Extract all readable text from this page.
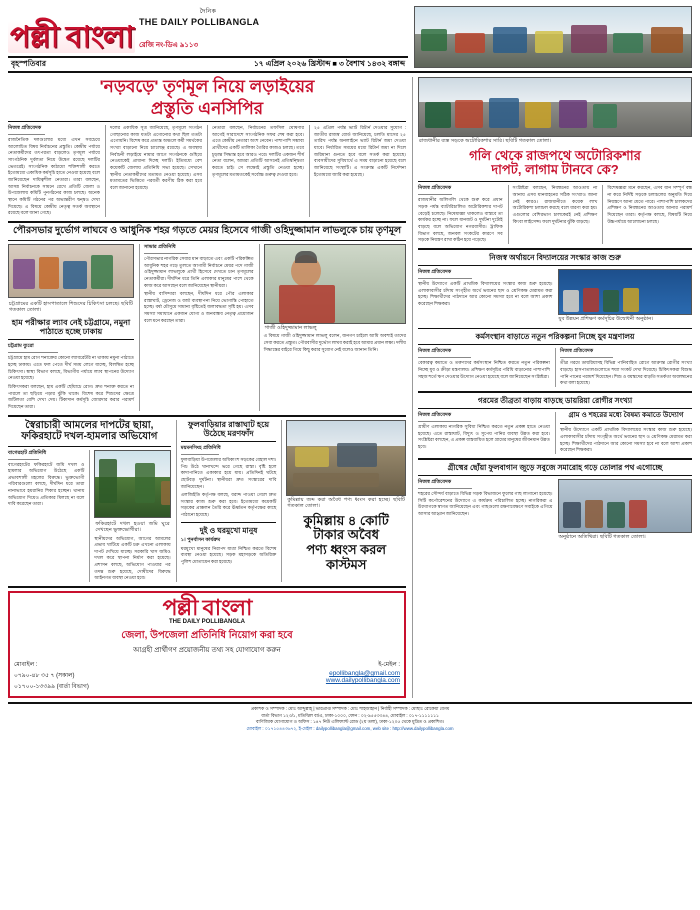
দৈনিক
পল্লী বাংলা THE DAILY POLLIBANGLA
রেজি নং-ডিএ ৯১১৩
বৃহস্পতিবার	১৭ এপ্রিল ২০২৬ খ্রিস্টাব্দ ■ ৩ বৈশাখ ১৪৩২ বঙ্গাব্দ
'নড়বড়ে' তৃণমূল নিয়ে লড়াইয়ের
প্রস্তুতি এনসিপির
নিজস্ব প্রতিবেদক
রাজনৈতিক দলগুলোর মধ্যে এখন সবচেয়ে আলোচিত বিষয় নির্বাচনের প্রস্তুতি। কেন্দ্রীয় পর্যায়ে নেতাকর্মীদের তৎপরতা বাড়লেও তৃণমূল পর্যায়ে সাংগঠনিক দুর্বলতা নিয়ে উদ্বেগ রয়েছে দলটির ভেতরেই। সাংগঠনিক কাঠামো শক্তিশালী করতে ইতোমধ্যে একাধিক কর্মসূচি হাতে নেওয়া হয়েছে বলে জানিয়েছেন দায়িত্বশীল নেতারা। তারা বলছেন, আসন্ন নির্বাচনকে সামনে রেখে প্রতিটি জেলা ও উপজেলায় কমিটি পুনর্গঠনের কাজ চলছে। অনেক স্থানে কমিটি গঠনের পর অভ্যন্তরীণ দ্বন্দ্বও দেখা দিয়েছে। এ বিষয়ে কেন্দ্রীয় নেতৃত্ব সতর্ক অবস্থানে রয়েছে বলে জানা গেছে।
দলের একাধিক সূত্র জানিয়েছে, তৃণমূলে সংগঠন গোছানোর কাজ যতটা এগোনোর কথা ছিল ততটা এগোয়নি। বিশেষ করে প্রত্যন্ত অঞ্চলে কর্মী সমর্থকের সংখ্যা বাড়ানো নিয়ে চ্যালেঞ্জ রয়েছে। এ অবস্থায় নির্বাচনী লড়াইয়ে নামার আগে সংগঠনকে গুছিয়ে নেওয়াকেই প্রাধান্য দিচ্ছে দলটি। ইতিমধ্যে বেশ কয়েকটি জেলায় প্রতিনিধি সভা হয়েছে। সেখানে স্থানীয় নেতাকর্মীদের মতামত নেওয়া হয়েছে। এসব মতামতের ভিত্তিতে পরবর্তী করণীয় ঠিক করা হবে বলে জানানো হয়েছে।
নেতারা বলছেন, নির্বাচনের তফসিল ঘোষণার আগেই সারাদেশে সাংগঠনিক সফর শেষ করা হবে। এতে কেন্দ্রীয় নেতারা অংশ নেবেন। পাশাপাশি সম্ভাব্য প্রার্থীদের একটি তালিকা তৈরির কাজও চলছে। তবে চূড়ান্ত সিদ্ধান্ত হবে আরও পরে। দলটির একজন শীর্ষ নেতা বলেন, আমরা প্রতিটি আসনেই প্রতিদ্বন্দ্বিতা করতে চাই। সে লক্ষ্যেই প্রস্তুতি নেওয়া হচ্ছে। তৃণমূলের মতামতকেই সর্বোচ্চ গুরুত্ব দেওয়া হবে।
২৫ এপ্রিল পর্যন্ত ভ্যাট রিটার্ন দেওয়ার সুযোগ : জাতীয় রাজস্ব বোর্ড জানিয়েছে, চলতি মাসের ২৫ তারিখ পর্যন্ত অনলাইনে ভ্যাট রিটার্ন জমা দেওয়া যাবে। নির্ধারিত সময়ের মধ্যে রিটার্ন জমা না দিলে জরিমানা গুনতে হবে বলে সতর্ক করা হয়েছে। ব্যবসায়ীদের সুবিধার্থে এ সময় বাড়ানো হয়েছে বলে জানিয়েছে সংস্থাটি। এ সংক্রান্ত একটি নির্দেশনা ইতোমধ্যে জারি করা হয়েছে।
পৌরসভার দুর্ভোগ লাঘবে ও আধুনিক শহর গড়তে মেয়র হিসেবে গাজী ওহিদুজ্জামান লাভলুকে চায় তৃণমূল
চট্টগ্রামের একটি হাসপাতালে শিশুদের চিকিৎসা চলছে। ছবিটি গতকাল তোলা।
হাম পরীক্ষার ল্যাব নেই চট্টগ্রামে, নমুনা পাঠাতে হচ্ছে ঢাকায়
চট্টগ্রাম ব্যুরো
চট্টগ্রামে হাম রোগ শনাক্তের কোনো ল্যাবরেটরি না থাকায় নমুনা পাঠাতে হচ্ছে ঢাকায়। এতে ফল পেতে দীর্ঘ সময় লেগে যাচ্ছে, বিলম্বিত হচ্ছে চিকিৎসা। স্বাস্থ্য বিভাগ বলছে, বিভাগীয় পর্যায়ে ল্যাব স্থাপনের উদ্যোগ নেওয়া হয়েছে।
চিকিৎসকরা বলছেন, হাম একটি ছোঁয়াচে রোগ। দ্রুত শনাক্ত করতে না পারলে তা ছড়িয়ে পড়ার ঝুঁকি থাকে। বিশেষ করে শিশুদের ক্ষেত্রে জটিলতা বেশি দেখা দেয়। টিকাদান কর্মসূচি জোরদার করার পরামর্শ দিয়েছেন তারা।
সাভার প্রতিনিধি
পৌরসভার নাগরিক সেবার মান বাড়াতে এবং একটি পরিকল্পিত আধুনিক শহর গড়ে তুলতে আগামী নির্বাচনে মেয়র পদে গাজী ওহিদুজ্জামান লাভলুকে প্রার্থী হিসেবে দেখতে চান তৃণমূলের নেতাকর্মীরা। দীর্ঘদিন ধরে তিনি এলাকার মানুষের পাশে থেকে কাজ করে আসছেন বলে জানিয়েছেন স্থানীয়রা।
স্থানীয় বাসিন্দারা বলছেন, দীর্ঘদিন ধরে পৌর এলাকার রাস্তাঘাট, ড্রেনেজ ও বর্জ্য ব্যবস্থাপনা নিয়ে ভোগান্তি পোহাতে হচ্ছে। বর্ষা মৌসুমে সামান্য বৃষ্টিতেই জলাবদ্ধতা সৃষ্টি হয়। এসব সমস্যা সমাধানে একজন যোগ্য ও জনবান্ধব নেতৃত্ব প্রয়োজন বলে মনে করছেন তারা।
গাজী ওহিদুজ্জামান লাভলু
এ বিষয়ে গাজী ওহিদুজ্জামান লাভলু বলেন, জনগণ চাইলে আমি অবশ্যই তাদের সেবা করতে প্রস্তুত। পৌরবাসীর দুর্ভোগ লাঘব করাই হবে আমার প্রধান লক্ষ্য। দলীয় সিদ্ধান্তের বাইরে গিয়ে কিছু করার সুযোগ নেই বলেও জানান তিনি।
স্বৈরাচারী আমলের দাপটের ছায়া, ফকিরহাটে দখল-হামলার অভিযোগ
বাগেরহাট প্রতিনিধি
বাগেরহাটের ফকিরহাটে জমি দখল ও হামলার অভিযোগ উঠেছে একটি প্রভাবশালী মহলের বিরুদ্ধে। ভুক্তভোগী পরিবারগুলো বলছে, দীর্ঘদিন ধরে তারা নানাভাবে হয়রানির শিকার হচ্ছেন। থানায় অভিযোগ দিয়েও প্রতিকার মিলছে না বলে দাবি করেছেন তারা।
ফকিরহাটে দখল হওয়া জমি ঘুরে দেখছেন ভুক্তভোগীরা।
স্থানীয়দের অভিযোগ, আগের আমলের প্রভাব খাটিয়ে একটি চক্র এখনো এলাকায় দাপট দেখিয়ে যাচ্ছে। সরকারি খাস জমিও দখল করে স্থাপনা নির্মাণ করা হয়েছে। প্রশাসন বলছে, অভিযোগ পাওয়ার পর তদন্ত শুরু হয়েছে, দোষীদের বিরুদ্ধে আইনগত ব্যবস্থা নেওয়া হবে।
ফুলবাড়িয়ার রাস্তাঘাট হয়ে উঠেছে মরণফাঁদ
ময়মনসিংহ প্রতিনিধি
ফুলবাড়িয়া উপজেলার অধিকাংশ সড়কের বেহাল দশা। পিচ উঠে খানাখন্দে ভরে গেছে রাস্তা। বৃষ্টি হলে কাদাপানিতে একাকার হয়ে যায়। প্রতিদিনই ঘটছে ছোটবড় দুর্ঘটনা। স্থানীয়রা দ্রুত সংস্কারের দাবি জানিয়েছেন।
এলজিইডি কর্তৃপক্ষ বলছে, বরাদ্দ পাওয়া গেলে দ্রুত সংস্কার কাজ শুরু করা হবে। ইতোমধ্যে কয়েকটি সড়কের প্রাক্কলন তৈরি করে ঊর্ধ্বতন কর্তৃপক্ষের কাছে পাঠানো হয়েছে।
দুই ও ঘরমুখো মানুষ
১। পুনর্বাসন কার্যক্রম
ঘরমুখো মানুষের নিরাপদ যাত্রা নিশ্চিত করতে বিশেষ ব্যবস্থা নেওয়া হয়েছে। সড়ক মহাসড়কে অতিরিক্ত পুলিশ মোতায়েন করা হয়েছে।
কুমিল্লায় জব্দ করা অবৈধ পণ্য ধ্বংস করা হচ্ছে। ছবিটি গতকাল তোলা।
কুমিল্লায় ৪ কোটি টাকার অবৈধ
পণ্য ধ্বংস করল কাস্টমস
পল্লী বাংলা
THE DAILY POLLIBANGLA
জেলা, উপজেলা প্রতিনিধি নিয়োগ করা হবে
আগ্রহী প্রার্থীগণ প্রয়োজনীয় তথ্য সহ যোগাযোগ করুন
মোবাইল :
০৭৯০-৪৮ ৩৫ ৭ (সকাল)
০১৭০০-১৩৩৯৯ (বার্তা বিভাগ)
ই-মেইল :
epollibangla@gmail.com
www.dailypollibangla.com
রাজধানীর ব্যস্ত সড়কে অটোরিকশার সারি। ছবিটি গতকাল তোলা।
গলি থেকে রাজপথে অটোরিকশার
দাপট, লাগাম টানবে কে?
নিজস্ব প্রতিবেদক
রাজধানীর অলিগলি থেকে শুরু করে প্রধান সড়ক পর্যন্ত ব্যাটারিচালিত অটোরিকশার দাপট বেড়েই চলেছে। নিষেধাজ্ঞা থাকলেও বাস্তবে তা কার্যকর হচ্ছে না। ফলে যানজট ও দুর্ঘটনা দুটোই বাড়ছে বলে অভিযোগ নগরবাসীর। ট্রাফিক বিভাগ বলছে, জনবল সংকটের কারণে সব সড়কে নিয়ন্ত্রণ রাখা কঠিন হয়ে পড়েছে।
সংশ্লিষ্টরা বলছেন, নিবন্ধনের আওতায় না আনায় এসব যানবাহনের সঠিক সংখ্যাও জানা নেই কারও। রাজধানীতে কয়েক লাখ অটোরিকশা চলাচল করছে বলে ধারণা করা হয়। এগুলোর বেশিরভাগ চালকেরই নেই প্রশিক্ষণ কিংবা লাইসেন্স। ফলে দুর্ঘটনার ঝুঁকি বাড়ছে।
বিশেষজ্ঞরা মনে করছেন, এসব যান সম্পূর্ণ বন্ধ না করে নির্দিষ্ট সড়কে চলাচলের অনুমতি দিয়ে নিয়ন্ত্রণে আনা যেতে পারে। পাশাপাশি চালকদের প্রশিক্ষণ ও নিবন্ধনের আওতায় আনার পরামর্শ দিয়েছেন তারা। কর্তৃপক্ষ বলছে, বিষয়টি নিয়ে উচ্চপর্যায়ে আলোচনা চলছে।
নিজস্ব অর্থায়নে বিদ্যালয়ের সংস্কার কাজ শুরু
নিজস্ব প্রতিবেদক
স্থানীয় উদ্যোগে একটি প্রাথমিক বিদ্যালয়ের সংস্কার কাজ শুরু হয়েছে। এলাকাবাসীর চাঁদায় সংগৃহীত অর্থে ভবনের ছাদ ও শ্রেণিকক্ষ মেরামত করা হচ্ছে। শিক্ষার্থীদের পাঠদানে আর কোনো সমস্যা হবে না বলে আশা প্রকাশ করেছেন শিক্ষকরা।
যুব উন্নয়ন প্রশিক্ষণ কর্মসূচির উদ্বোধনী অনুষ্ঠান।
কর্মসংস্থান বাড়াতে নতুন পরিকল্পনা নিচ্ছে যুব মন্ত্রণালয়
নিজস্ব প্রতিবেদক
বেকারত্ব কমাতে ও তরুণদের কর্মসংস্থান নিশ্চিত করতে নতুন পরিকল্পনা নিচ্ছে যুব ও ক্রীড়া মন্ত্রণালয়। প্রশিক্ষণ কর্মসূচির পরিধি বাড়ানোর পাশাপাশি সহজ শর্তে ঋণ দেওয়ার উদ্যোগ নেওয়া হয়েছে বলে জানিয়েছেন সংশ্লিষ্টরা।
নিজস্ব প্রতিবেদক
তীব্র গরমে ডায়রিয়াসহ বিভিন্ন পানিবাহিত রোগে আক্রান্ত রোগীর সংখ্যা বাড়ছে। হাসপাতালগুলোতে শয্যা সংকট দেখা দিয়েছে। চিকিৎসকরা বিশুদ্ধ পানি পানের পরামর্শ দিয়েছেন। শিশু ও বয়স্কদের বাড়তি সতর্কতা অবলম্বনের কথা বলা হয়েছে।
গরমের তীব্রতা বাড়ায় বাড়ছে ডায়রিয়া রোগীর সংখ্যা
নিজস্ব প্রতিবেদক
গ্রামীণ এলাকায় নাগরিক সুবিধা নিশ্চিত করতে নতুন প্রকল্প হাতে নেওয়া হয়েছে। এতে রাস্তাঘাট, বিদ্যুৎ ও সুপেয় পানির ব্যবস্থা উন্নত করা হবে। সংশ্লিষ্টরা বলছেন, এ প্রকল্প বাস্তবায়িত হলে গ্রামের মানুষের জীবনমান উন্নত হবে।
গ্রাম ও শহরের মধ্যে বৈষম্য কমাতে উদ্যোগ
স্থানীয় উদ্যোগে একটি প্রাথমিক বিদ্যালয়ের সংস্কার কাজ শুরু হয়েছে। এলাকাবাসীর চাঁদায় সংগৃহীত অর্থে ভবনের ছাদ ও শ্রেণিকক্ষ মেরামত করা হচ্ছে। শিক্ষার্থীদের পাঠদানে আর কোনো সমস্যা হবে না বলে আশা প্রকাশ করেছেন শিক্ষকরা।
গ্রীষ্মের ছোঁয়া ফুলবাগান জুড়ে সবুজে সমারোহ গড়ে তোলার পথ এগোচ্ছে
নিজস্ব প্রতিবেদক
শহরের সৌন্দর্য বাড়াতে বিভিন্ন সড়ক বিভাজনে ফুলের গাছ লাগানো হয়েছে। সিটি কর্পোরেশনের উদ্যোগে এ কার্যক্রম পরিচালিত হচ্ছে। নাগরিকরা এ উদ্যোগকে স্বাগত জানিয়েছেন এবং গাছগুলো রক্ষণাবেক্ষণে সবাইকে এগিয়ে আসার আহ্বান জানিয়েছেন।
অনুষ্ঠানে অতিথিরা। ছবিটি গতকাল তোলা।
প্রকাশক ও সম্পাদক : মোঃ আব্দুল্লাহ্ | ভারপ্রাপ্ত সম্পাদক : মোঃ শাহজাহান | নির্বাহী সম্পাদক : মোছাঃ রোকেয়া বেগম
বার্তা বিভাগ ১২৩/১, মতিঝিল বা/এ, ঢাকা-১০০০, ফোন : ০২-৯৫৫৩৩৪৪, মোবাইল : ০১৭-১১১১১১১
বাণিজ্যিক যোগাযোগ ও অফিস : ১৪৭ নিউ এলিফ্যান্ট রোড (২য় তলা), ঢাকা-১২০৫ থেকে মুদ্রিত ও প্রকাশিত।
মোবাইল : ০১৭১৫৪৪৩৬৭২, ই-মেইল : dailypollibangla@gmail.com, web site : http://www.dailypollibangla.com
